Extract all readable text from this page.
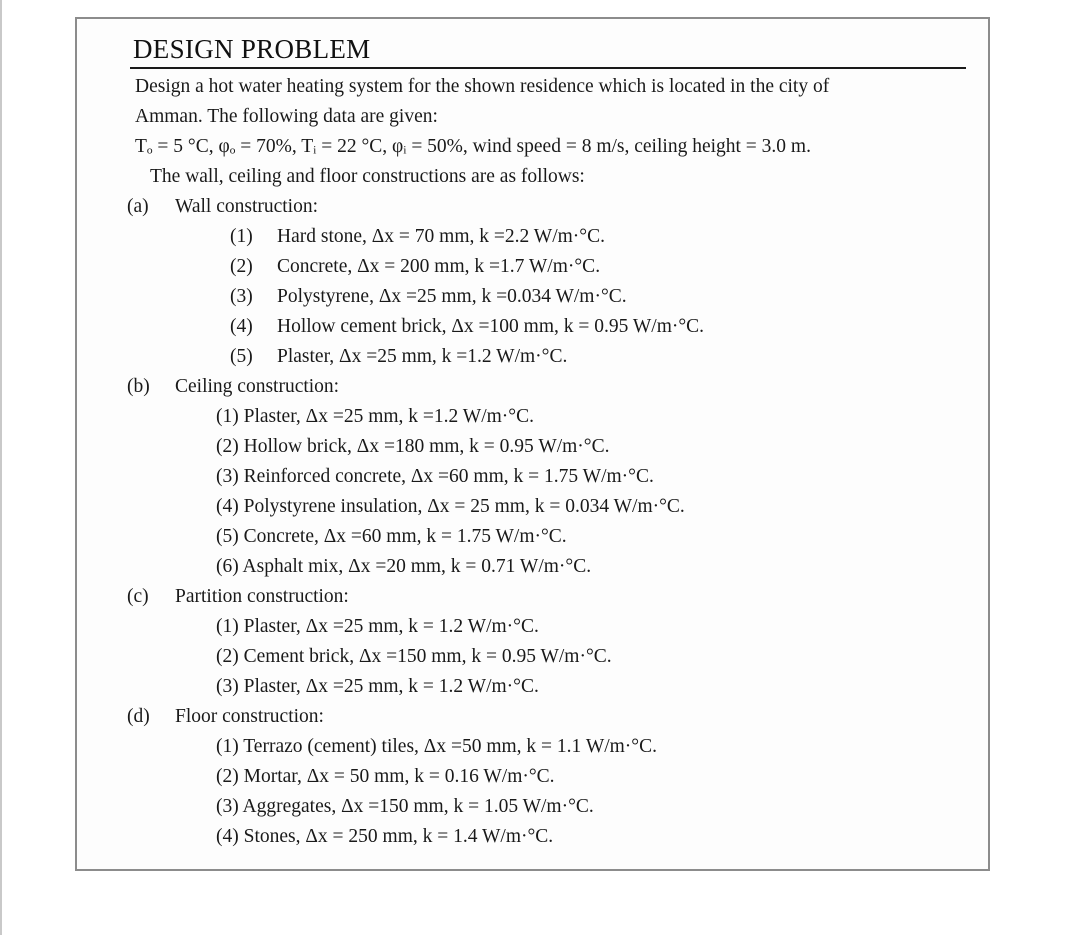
DESIGN PROBLEM
Design a hot water heating system for the shown residence which is located in the city of
Amman. The following data are given:
Tₒ = 5 °C, φₒ = 70%, Tᵢ = 22 °C, φᵢ = 50%, wind speed = 8 m/s, ceiling height = 3.0 m.
The wall, ceiling and floor constructions are as follows:
(a) Wall construction:
(1) Hard stone, Δx = 70 mm, k =2.2 W/m·°C.
(2) Concrete, Δx = 200 mm, k =1.7 W/m·°C.
(3) Polystyrene, Δx =25 mm, k =0.034 W/m·°C.
(4) Hollow cement brick, Δx =100 mm, k = 0.95 W/m·°C.
(5) Plaster, Δx =25 mm, k =1.2 W/m·°C.
(b) Ceiling construction:
(1) Plaster, Δx =25 mm, k =1.2 W/m·°C.
(2) Hollow brick, Δx =180 mm, k = 0.95 W/m·°C.
(3) Reinforced concrete, Δx =60 mm, k = 1.75 W/m·°C.
(4) Polystyrene insulation, Δx = 25 mm, k = 0.034 W/m·°C.
(5) Concrete, Δx =60 mm, k = 1.75 W/m·°C.
(6) Asphalt mix, Δx =20 mm, k = 0.71 W/m·°C.
(c) Partition construction:
(1) Plaster, Δx =25 mm, k = 1.2 W/m·°C.
(2) Cement brick, Δx =150 mm, k = 0.95 W/m·°C.
(3) Plaster, Δx =25 mm, k = 1.2 W/m·°C.
(d) Floor construction:
(1) Terrazo (cement) tiles, Δx =50 mm, k = 1.1 W/m·°C.
(2) Mortar, Δx = 50 mm, k = 0.16 W/m·°C.
(3) Aggregates, Δx =150 mm, k = 1.05 W/m·°C.
(4) Stones, Δx = 250 mm, k = 1.4 W/m·°C.
